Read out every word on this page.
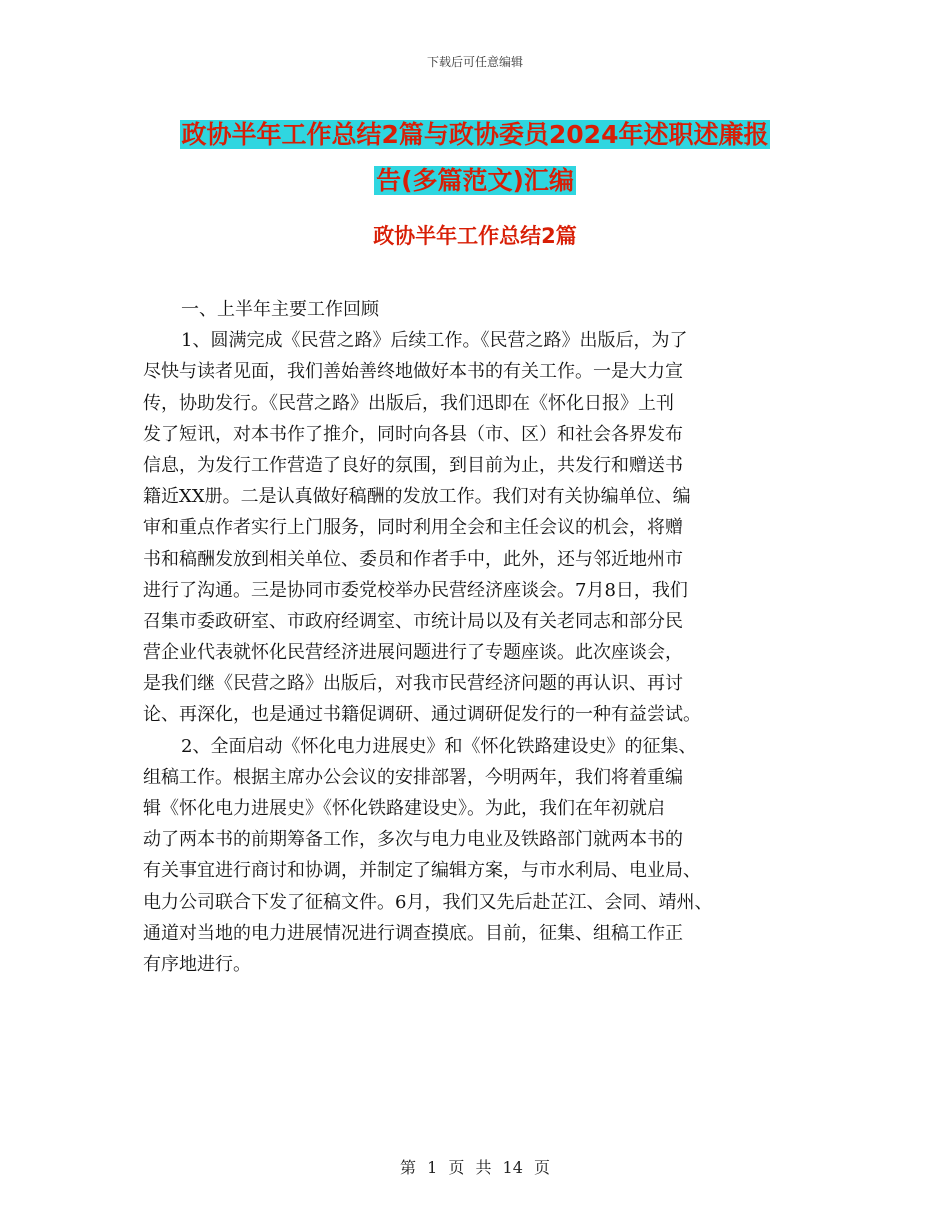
下载后可任意编辑
政协半年工作总结2篇与政协委员2024年述职述廉报
告(多篇范文)汇编
政协半年工作总结2篇
一、上半年主要工作回顾
1、圆满完成《民营之路》后续工作。《民营之路》出版后，为了
尽快与读者见面，我们善始善终地做好本书的有关工作。一是大力宣
传，协助发行。《民营之路》出版后，我们迅即在《怀化日报》上刊
发了短讯，对本书作了推介，同时向各县（市、区）和社会各界发布
信息，为发行工作营造了良好的氛围，到目前为止，共发行和赠送书
籍近XX册。二是认真做好稿酬的发放工作。我们对有关协编单位、编
审和重点作者实行上门服务，同时利用全会和主任会议的机会，将赠
书和稿酬发放到相关单位、委员和作者手中，此外，还与邻近地州市
进行了沟通。三是协同市委党校举办民营经济座谈会。7月8日，我们
召集市委政研室、市政府经调室、市统计局以及有关老同志和部分民
营企业代表就怀化民营经济进展问题进行了专题座谈。此次座谈会，
是我们继《民营之路》出版后，对我市民营经济问题的再认识、再讨
论、再深化，也是通过书籍促调研、通过调研促发行的一种有益尝试。
2、全面启动《怀化电力进展史》和《怀化铁路建设史》的征集、
组稿工作。根据主席办公会议的安排部署，今明两年，我们将着重编
辑《怀化电力进展史》《怀化铁路建设史》。为此，我们在年初就启
动了两本书的前期筹备工作，多次与电力电业及铁路部门就两本书的
有关事宜进行商讨和协调，并制定了编辑方案，与市水利局、电业局、
电力公司联合下发了征稿文件。6月，我们又先后赴芷江、会同、靖州、
通道对当地的电力进展情况进行调查摸底。目前，征集、组稿工作正
有序地进行。
第 1 页 共 14 页
